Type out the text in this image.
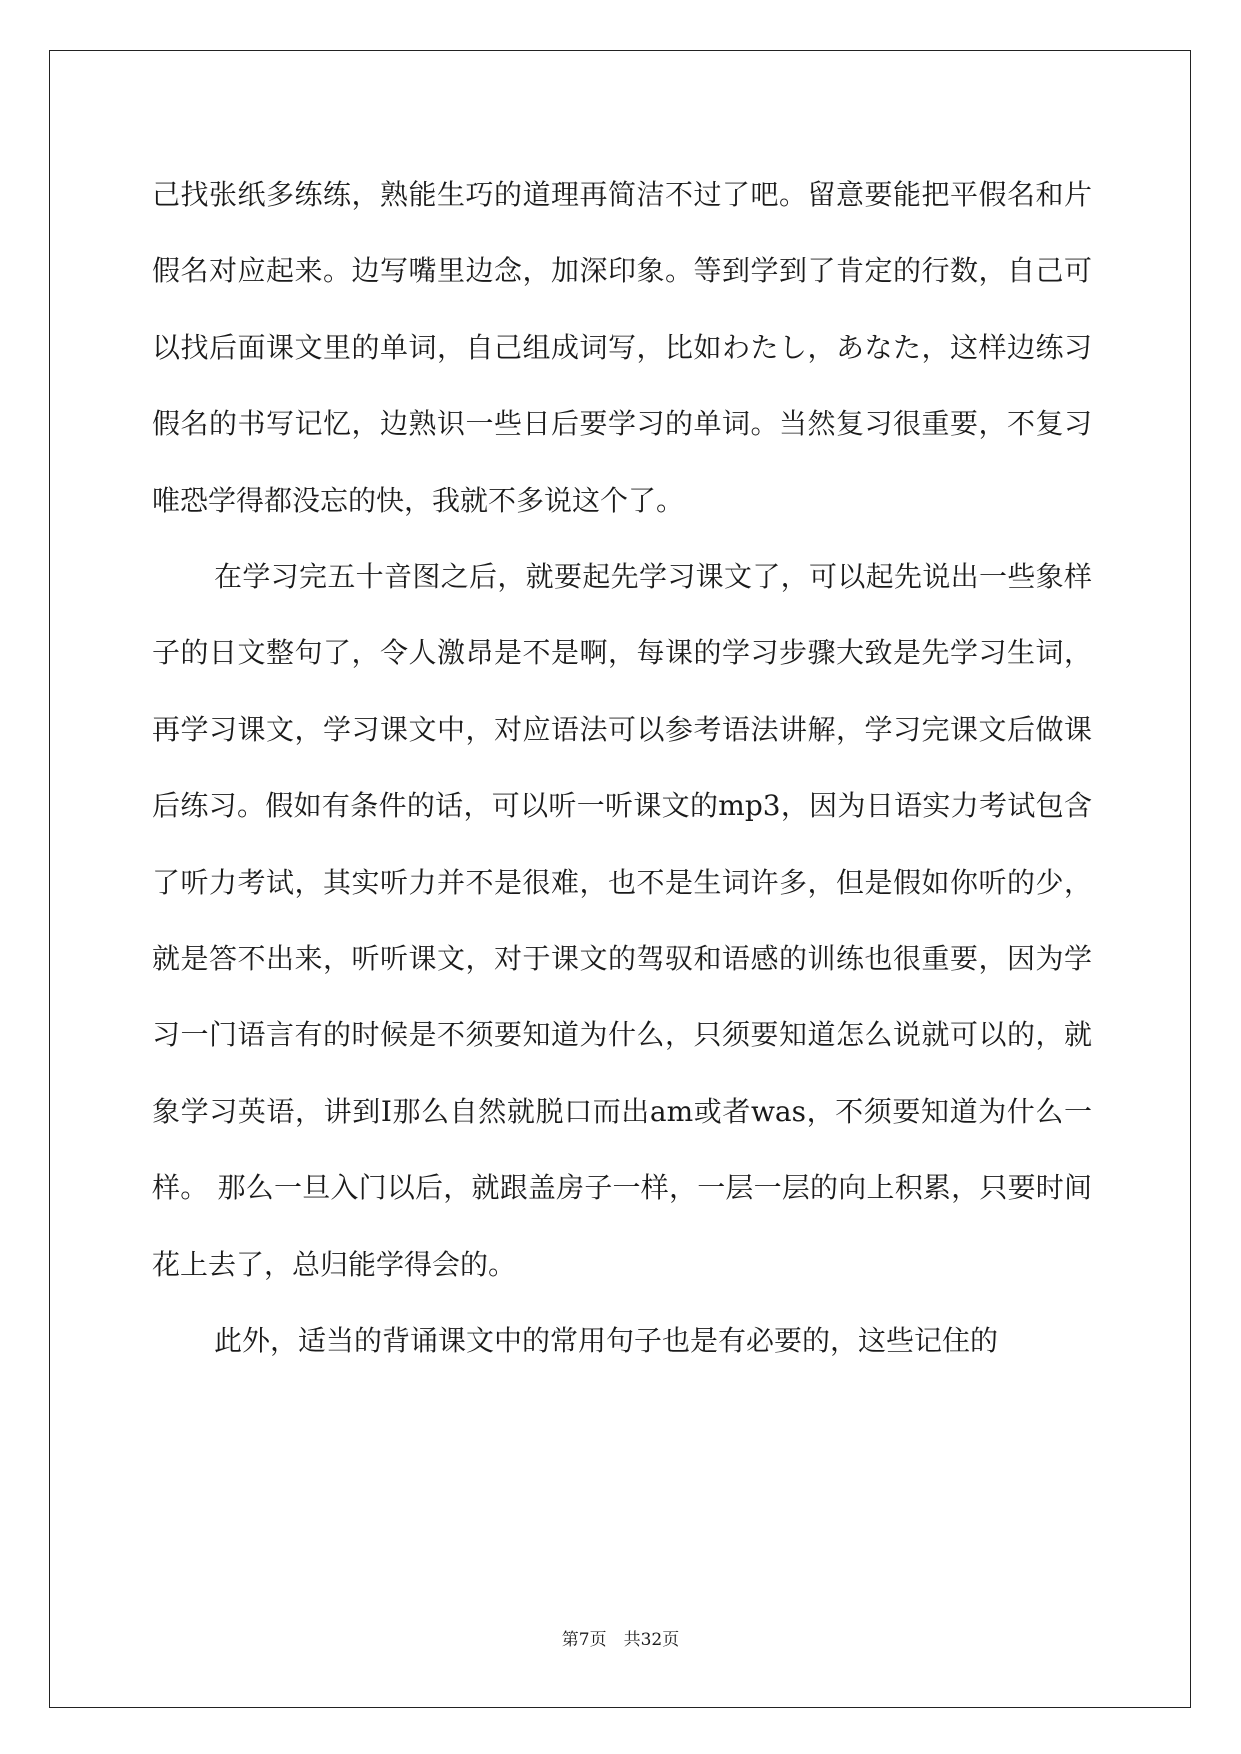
己找张纸多练练，熟能生巧的道理再简洁不过了吧。留意要能把平假名和片假名对应起来。边写嘴里边念，加深印象。等到学到了肯定的行数，自己可以找后面课文里的单词，自己组成词写，比如わたし，あなた，这样边练习假名的书写记忆，边熟识一些日后要学习的单词。当然复习很重要，不复习唯恐学得都没忘的快，我就不多说这个了。

在学习完五十音图之后，就要起先学习课文了，可以起先说出一些象样子的日文整句了，令人激昂是不是啊，每课的学习步骤大致是先学习生词，再学习课文，学习课文中，对应语法可以参考语法讲解，学习完课文后做课后练习。假如有条件的话，可以听一听课文的mp3，因为日语实力考试包含了听力考试，其实听力并不是很难，也不是生词许多，但是假如你听的少，就是答不出来，听听课文，对于课文的驾驭和语感的训练也很重要，因为学习一门语言有的时候是不须要知道为什么，只须要知道怎么说就可以的，就象学习英语，讲到I那么自然就脱口而出am或者was，不须要知道为什么一样。 那么一旦入门以后，就跟盖房子一样，一层一层的向上积累，只要时间花上去了，总归能学得会的。

此外，适当的背诵课文中的常用句子也是有必要的，这些记住的

第7页　共32页
